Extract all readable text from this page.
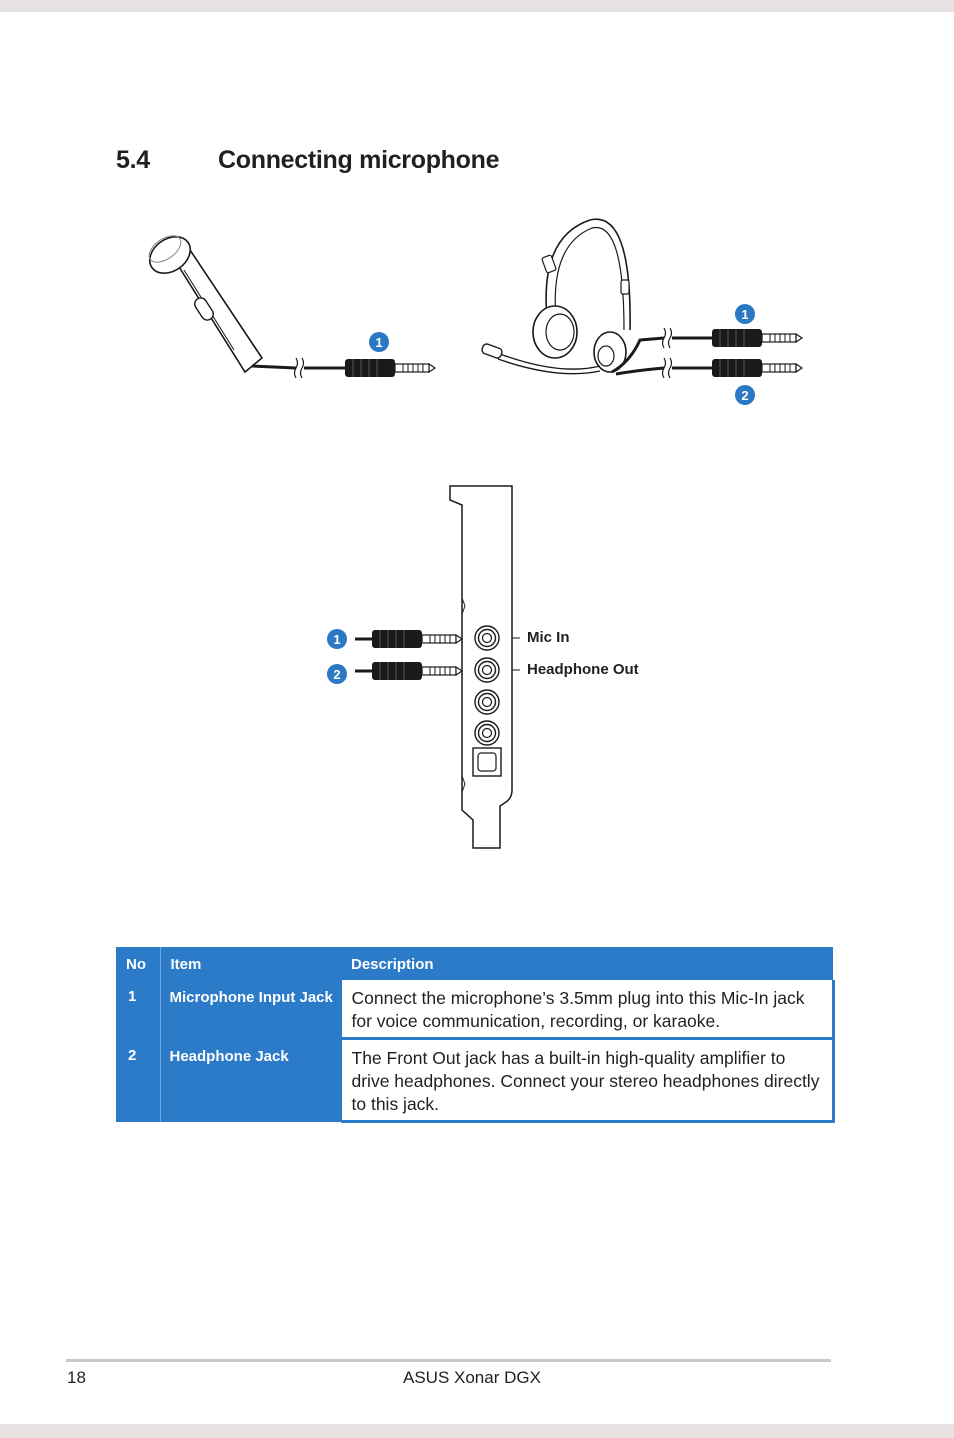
5.4	Connecting microphone
1
1
2
1
2
Mic In
Headphone Out
No	Item	Description
1	Microphone Input Jack	Connect the microphone’s 3.5mm plug into this Mic-In jack for voice communication, recording, or karaoke.
2	Headphone Jack	The Front Out jack has a built-in high-quality amplifier to drive headphones. Connect your stereo headphones directly to this jack.
18	ASUS Xonar DGX
